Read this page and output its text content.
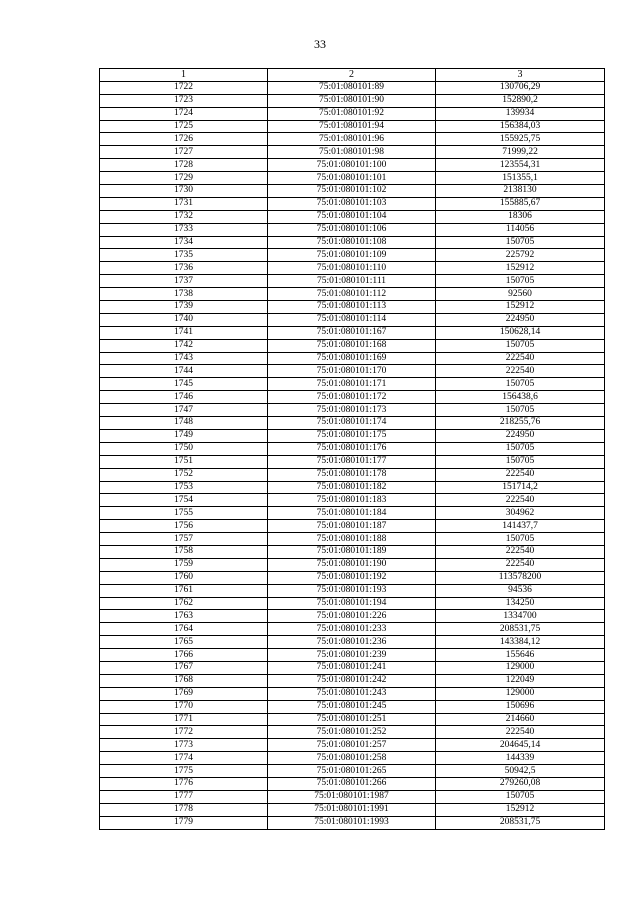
33
1	2	3
1722	75:01:080101:89	130706,29
1723	75:01:080101:90	152890,2
1724	75:01:080101:92	139934
1725	75:01:080101:94	156384,03
1726	75:01:080101:96	155925,75
1727	75:01:080101:98	71999,22
1728	75:01:080101:100	123554,31
1729	75:01:080101:101	151355,1
1730	75:01:080101:102	2138130
1731	75:01:080101:103	155885,67
1732	75:01:080101:104	18306
1733	75:01:080101:106	114056
1734	75:01:080101:108	150705
1735	75:01:080101:109	225792
1736	75:01:080101:110	152912
1737	75:01:080101:111	150705
1738	75:01:080101:112	92560
1739	75:01:080101:113	152912
1740	75:01:080101:114	224950
1741	75:01:080101:167	150628,14
1742	75:01:080101:168	150705
1743	75:01:080101:169	222540
1744	75:01:080101:170	222540
1745	75:01:080101:171	150705
1746	75:01:080101:172	156438,6
1747	75:01:080101:173	150705
1748	75:01:080101:174	218255,76
1749	75:01:080101:175	224950
1750	75:01:080101:176	150705
1751	75:01:080101:177	150705
1752	75:01:080101:178	222540
1753	75:01:080101:182	151714,2
1754	75:01:080101:183	222540
1755	75:01:080101:184	304962
1756	75:01:080101:187	141437,7
1757	75:01:080101:188	150705
1758	75:01:080101:189	222540
1759	75:01:080101:190	222540
1760	75:01:080101:192	113578200
1761	75:01:080101:193	94536
1762	75:01:080101:194	134250
1763	75:01:080101:226	1334700
1764	75:01:080101:233	208531,75
1765	75:01:080101:236	143384,12
1766	75:01:080101:239	155646
1767	75:01:080101:241	129000
1768	75:01:080101:242	122049
1769	75:01:080101:243	129000
1770	75:01:080101:245	150696
1771	75:01:080101:251	214660
1772	75:01:080101:252	222540
1773	75:01:080101:257	204645,14
1774	75:01:080101:258	144339
1775	75:01:080101:265	50942,5
1776	75:01:080101:266	279260,08
1777	75:01:080101:1987	150705
1778	75:01:080101:1991	152912
1779	75:01:080101:1993	208531,75
